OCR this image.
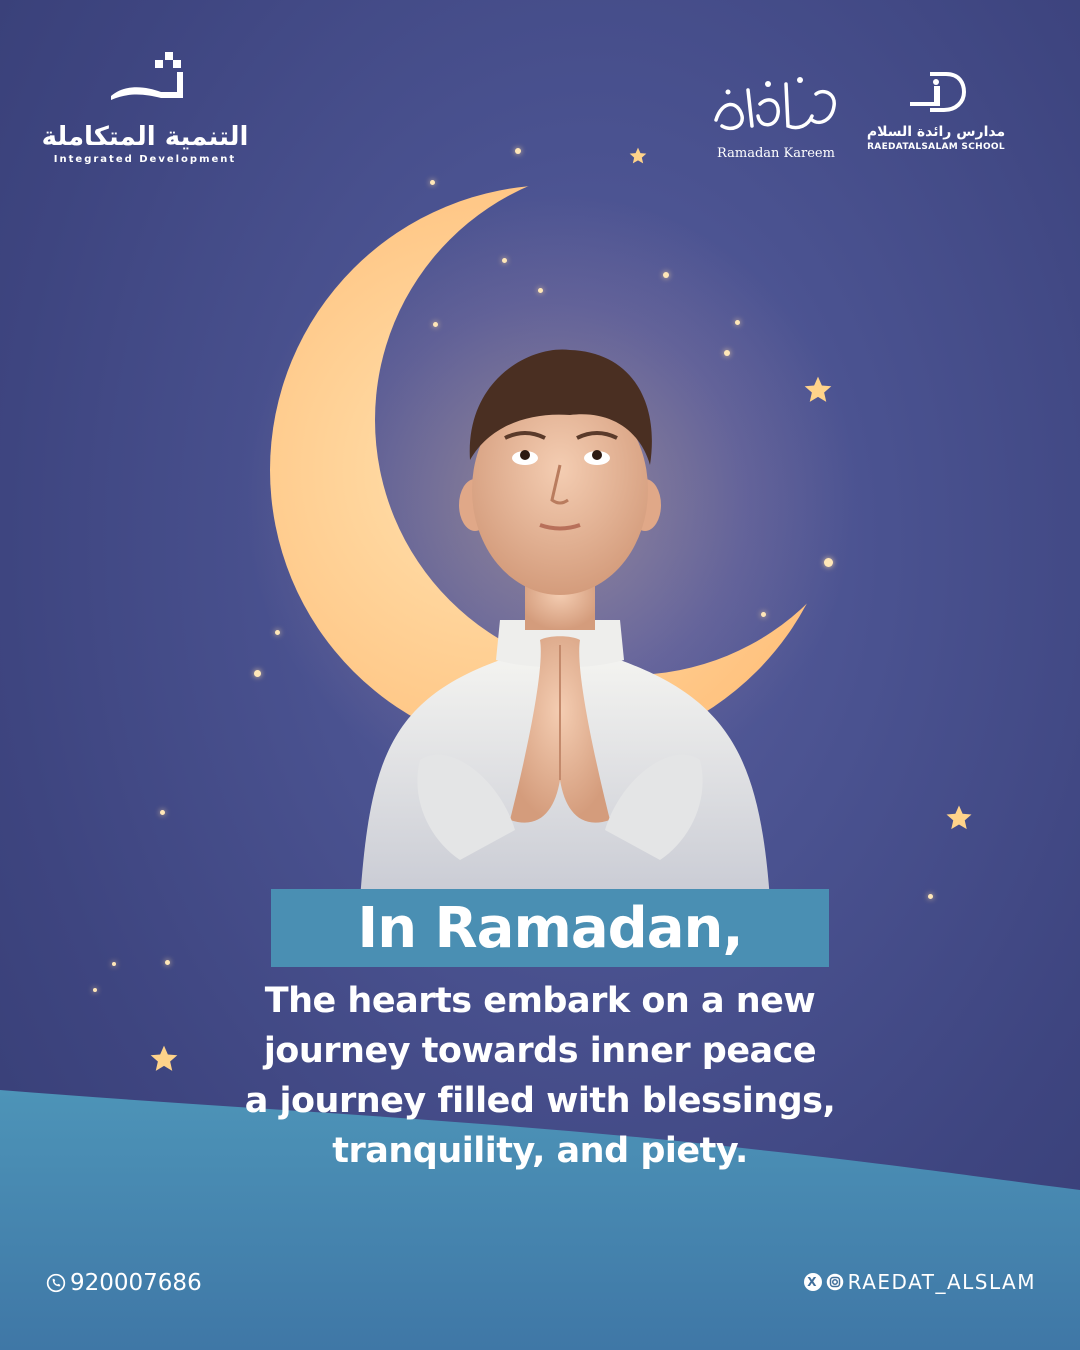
التنمية المتكاملة
Integrated Development	Ramadan Kareem
مدارس رائدة السلام
RAEDATALSALAM SCHOOL
In Ramadan,
The hearts embark on a new
journey towards inner peace
a journey filled with blessings,
tranquility, and piety.
920007686	X RAEDAT_ALSLAM
